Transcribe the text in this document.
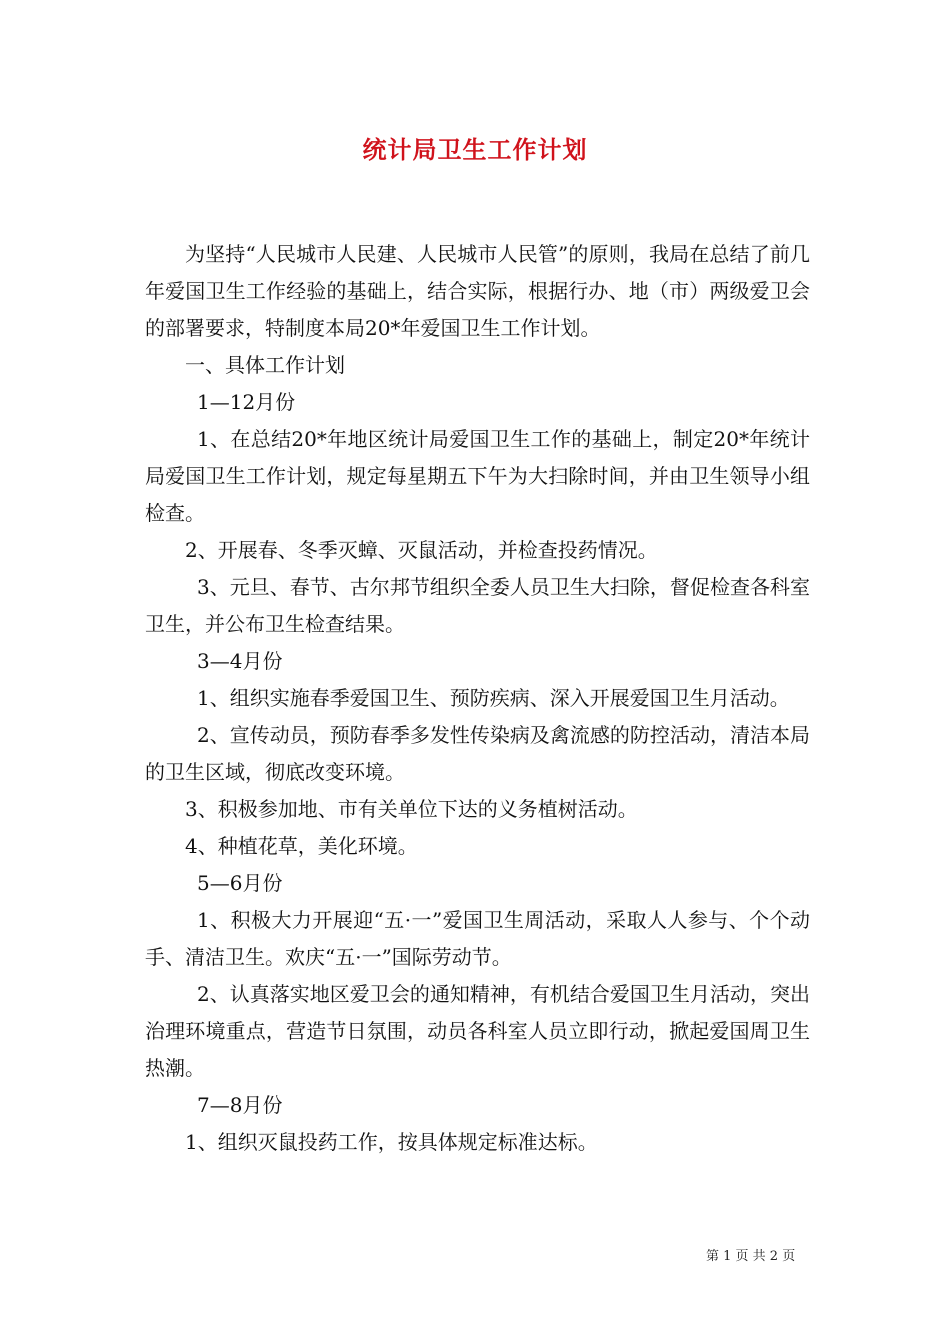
统计局卫生工作计划

为坚持“人民城市人民建、人民城市人民管”的原则，我局在总结了前几年爱国卫生工作经验的基础上，结合实际，根据行办、地（市）两级爱卫会的部署要求，特制度本局20*年爱国卫生工作计划。

一、具体工作计划

1—12月份

1、在总结20*年地区统计局爱国卫生工作的基础上，制定20*年统计局爱国卫生工作计划，规定每星期五下午为大扫除时间，并由卫生领导小组检查。

2、开展春、冬季灭蟑、灭鼠活动，并检查投药情况。

3、元旦、春节、古尔邦节组织全委人员卫生大扫除，督促检查各科室卫生，并公布卫生检查结果。

3—4月份

1、组织实施春季爱国卫生、预防疾病、深入开展爱国卫生月活动。

2、宣传动员，预防春季多发性传染病及禽流感的防控活动，清洁本局的卫生区域，彻底改变环境。

3、积极参加地、市有关单位下达的义务植树活动。

4、种植花草，美化环境。

5—6月份

1、积极大力开展迎“五·一”爱国卫生周活动，采取人人参与、个个动手、清洁卫生。欢庆“五·一”国际劳动节。

2、认真落实地区爱卫会的通知精神，有机结合爱国卫生月活动，突出治理环境重点，营造节日氛围，动员各科室人员立即行动，掀起爱国周卫生热潮。

7—8月份

1、组织灭鼠投药工作，按具体规定标准达标。

第 1 页 共 2 页
